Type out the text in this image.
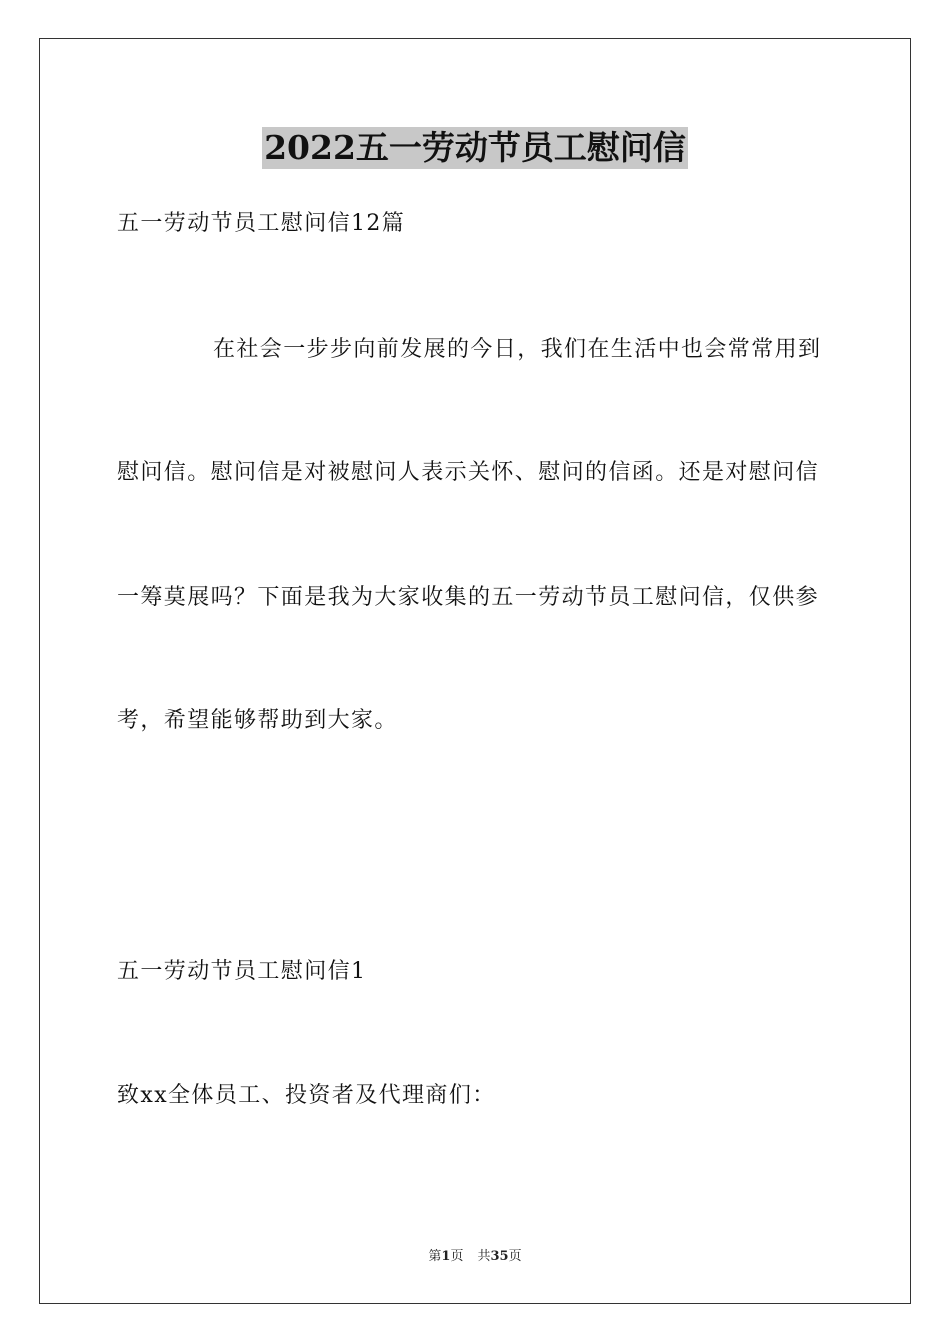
2022五一劳动节员工慰问信
五一劳动节员工慰问信12篇
在社会一步步向前发展的今日，我们在生活中也会常常用到
慰问信。慰问信是对被慰问人表示关怀、慰问的信函。还是对慰问信
一筹莫展吗？下面是我为大家收集的五一劳动节员工慰问信，仅供参
考，希望能够帮助到大家。
五一劳动节员工慰问信1
致xx全体员工、投资者及代理商们：
第1页 共35页
